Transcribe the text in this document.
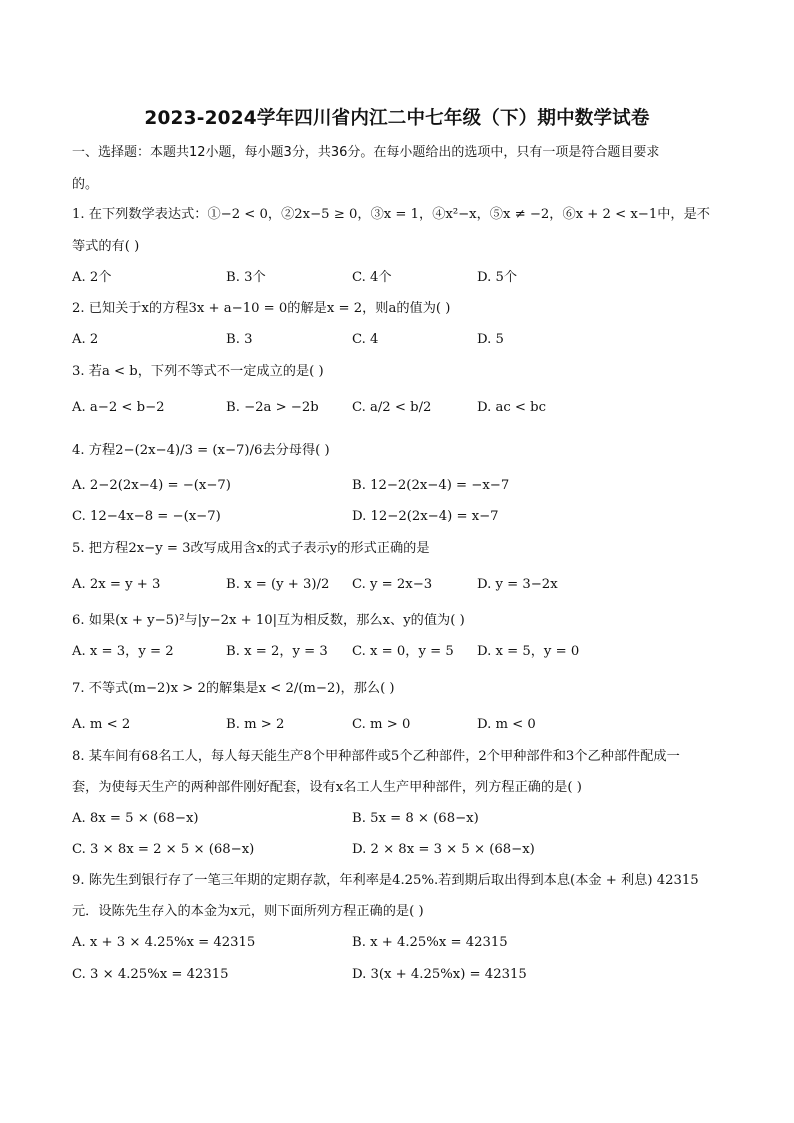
2023-2024学年四川省内江二中七年级（下）期中数学试卷
一、选择题：本题共12小题，每小题3分，共36分。在每小题给出的选项中，只有一项是符合题目要求
的。
1. 在下列数学表达式：①−2 < 0，②2x−5 ≥ 0，③x = 1，④x²−x，⑤x ≠ −2，⑥x + 2 < x−1中，是不
等式的有( )
A. 2个	B. 3个	C. 4个	D. 5个
2. 已知关于x的方程3x + a−10 = 0的解是x = 2，则a的值为( )
A. 2	B. 3	C. 4	D. 5
3. 若a < b，下列不等式不一定成立的是( )
A. a−2 < b−2	B. −2a > −2b	C. a/2 < b/2	D. ac < bc
4. 方程2−(2x−4)/3 = (x−7)/6去分母得( )
A. 2−2(2x−4) = −(x−7)	B. 12−2(2x−4) = −x−7
C. 12−4x−8 = −(x−7)	D. 12−2(2x−4) = x−7
5. 把方程2x−y = 3改写成用含x的式子表示y的形式正确的是
A. 2x = y + 3	B. x = (y + 3)/2 C. y = 2x−3	D. y = 3−2x
6. 如果(x + y−5)²与|y−2x + 10|互为相反数，那么x、y的值为( )
A. x = 3，y = 2	B. x = 2，y = 3 C. x = 0，y = 5 D. x = 5，y = 0
7. 不等式(m−2)x > 2的解集是x < 2/(m−2)，那么( )
A. m < 2	B. m > 2	C. m > 0	D. m < 0
8. 某车间有68名工人，每人每天能生产8个甲种部件或5个乙种部件，2个甲种部件和3个乙种部件配成一
套，为使每天生产的两种部件刚好配套，设有x名工人生产甲种部件，列方程正确的是( )
A. 8x = 5 × (68−x)	B. 5x = 8 × (68−x)
C. 3 × 8x = 2 × 5 × (68−x)	D. 2 × 8x = 3 × 5 × (68−x)
9. 陈先生到银行存了一笔三年期的定期存款，年利率是4.25%.若到期后取出得到本息(本金 + 利息) 42315
元．设陈先生存入的本金为x元，则下面所列方程正确的是( )
A. x + 3 × 4.25%x = 42315	B. x + 4.25%x = 42315
C. 3 × 4.25%x = 42315	D. 3(x + 4.25%x) = 42315
